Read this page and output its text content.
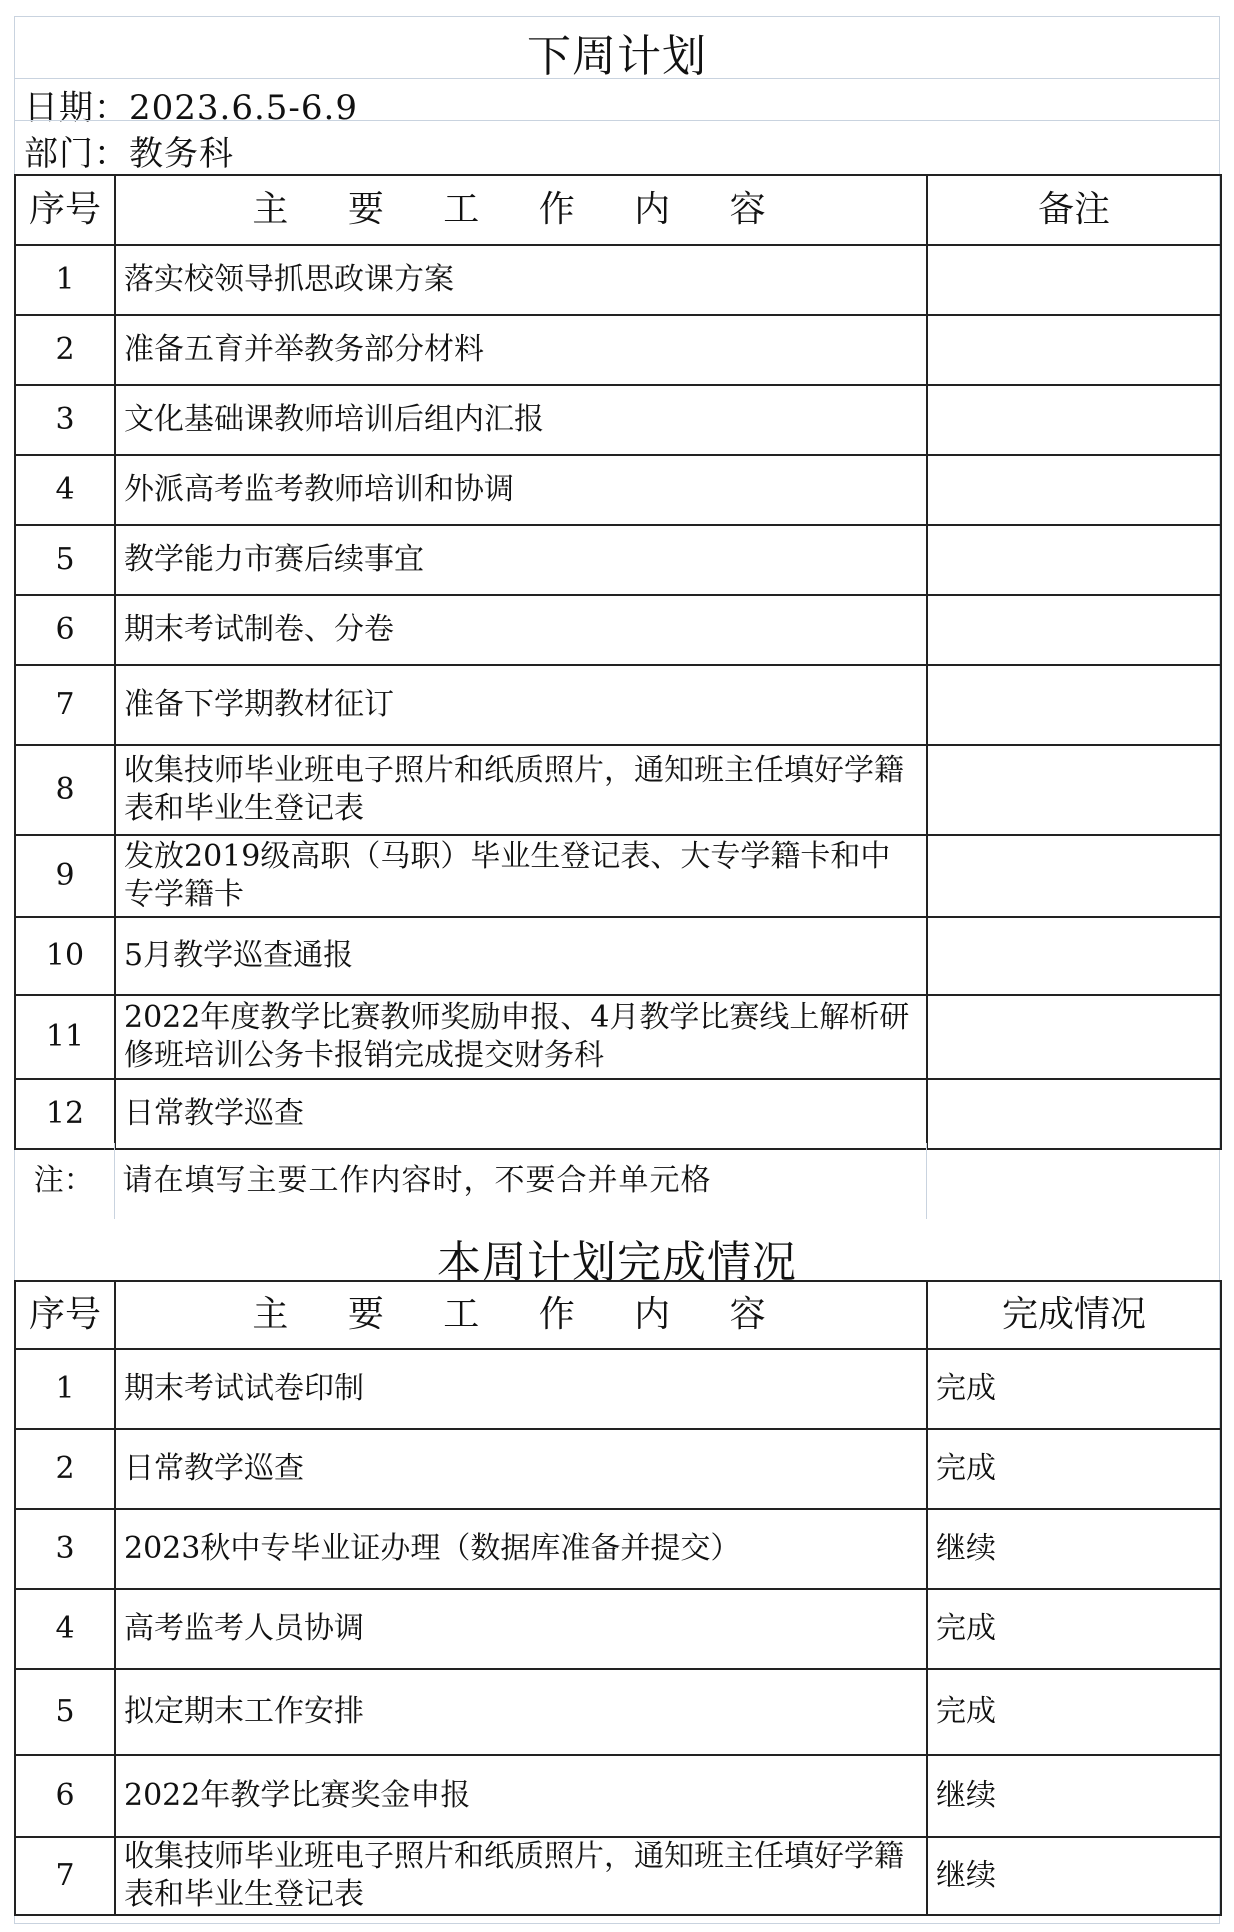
下周计划
日期：2023.6.5-6.9
部门：教务科
序号	主 要 工 作 内 容	备注
1	落实校领导抓思政课方案	
2	准备五育并举教务部分材料	
3	文化基础课教师培训后组内汇报	
4	外派高考监考教师培训和协调	
5	教学能力市赛后续事宜	
6	期末考试制卷、分卷	
7	准备下学期教材征订	
8	收集技师毕业班电子照片和纸质照片，通知班主任填好学籍表和毕业生登记表	
9	发放2019级高职（马职）毕业生登记表、大专学籍卡和中专学籍卡	
10	5月教学巡查通报	
11	2022年度教学比赛教师奖励申报、4月教学比赛线上解析研修班培训公务卡报销完成提交财务科	
12	日常教学巡查	
注：	请在填写主要工作内容时，不要合并单元格	
本周计划完成情况
序号	主 要 工 作 内 容	完成情况
1	期末考试试卷印制	完成
2	日常教学巡查	完成
3	2023秋中专毕业证办理（数据库准备并提交）	继续
4	高考监考人员协调	完成
5	拟定期末工作安排	完成
6	2022年教学比赛奖金申报	继续
7	收集技师毕业班电子照片和纸质照片，通知班主任填好学籍表和毕业生登记表	继续
